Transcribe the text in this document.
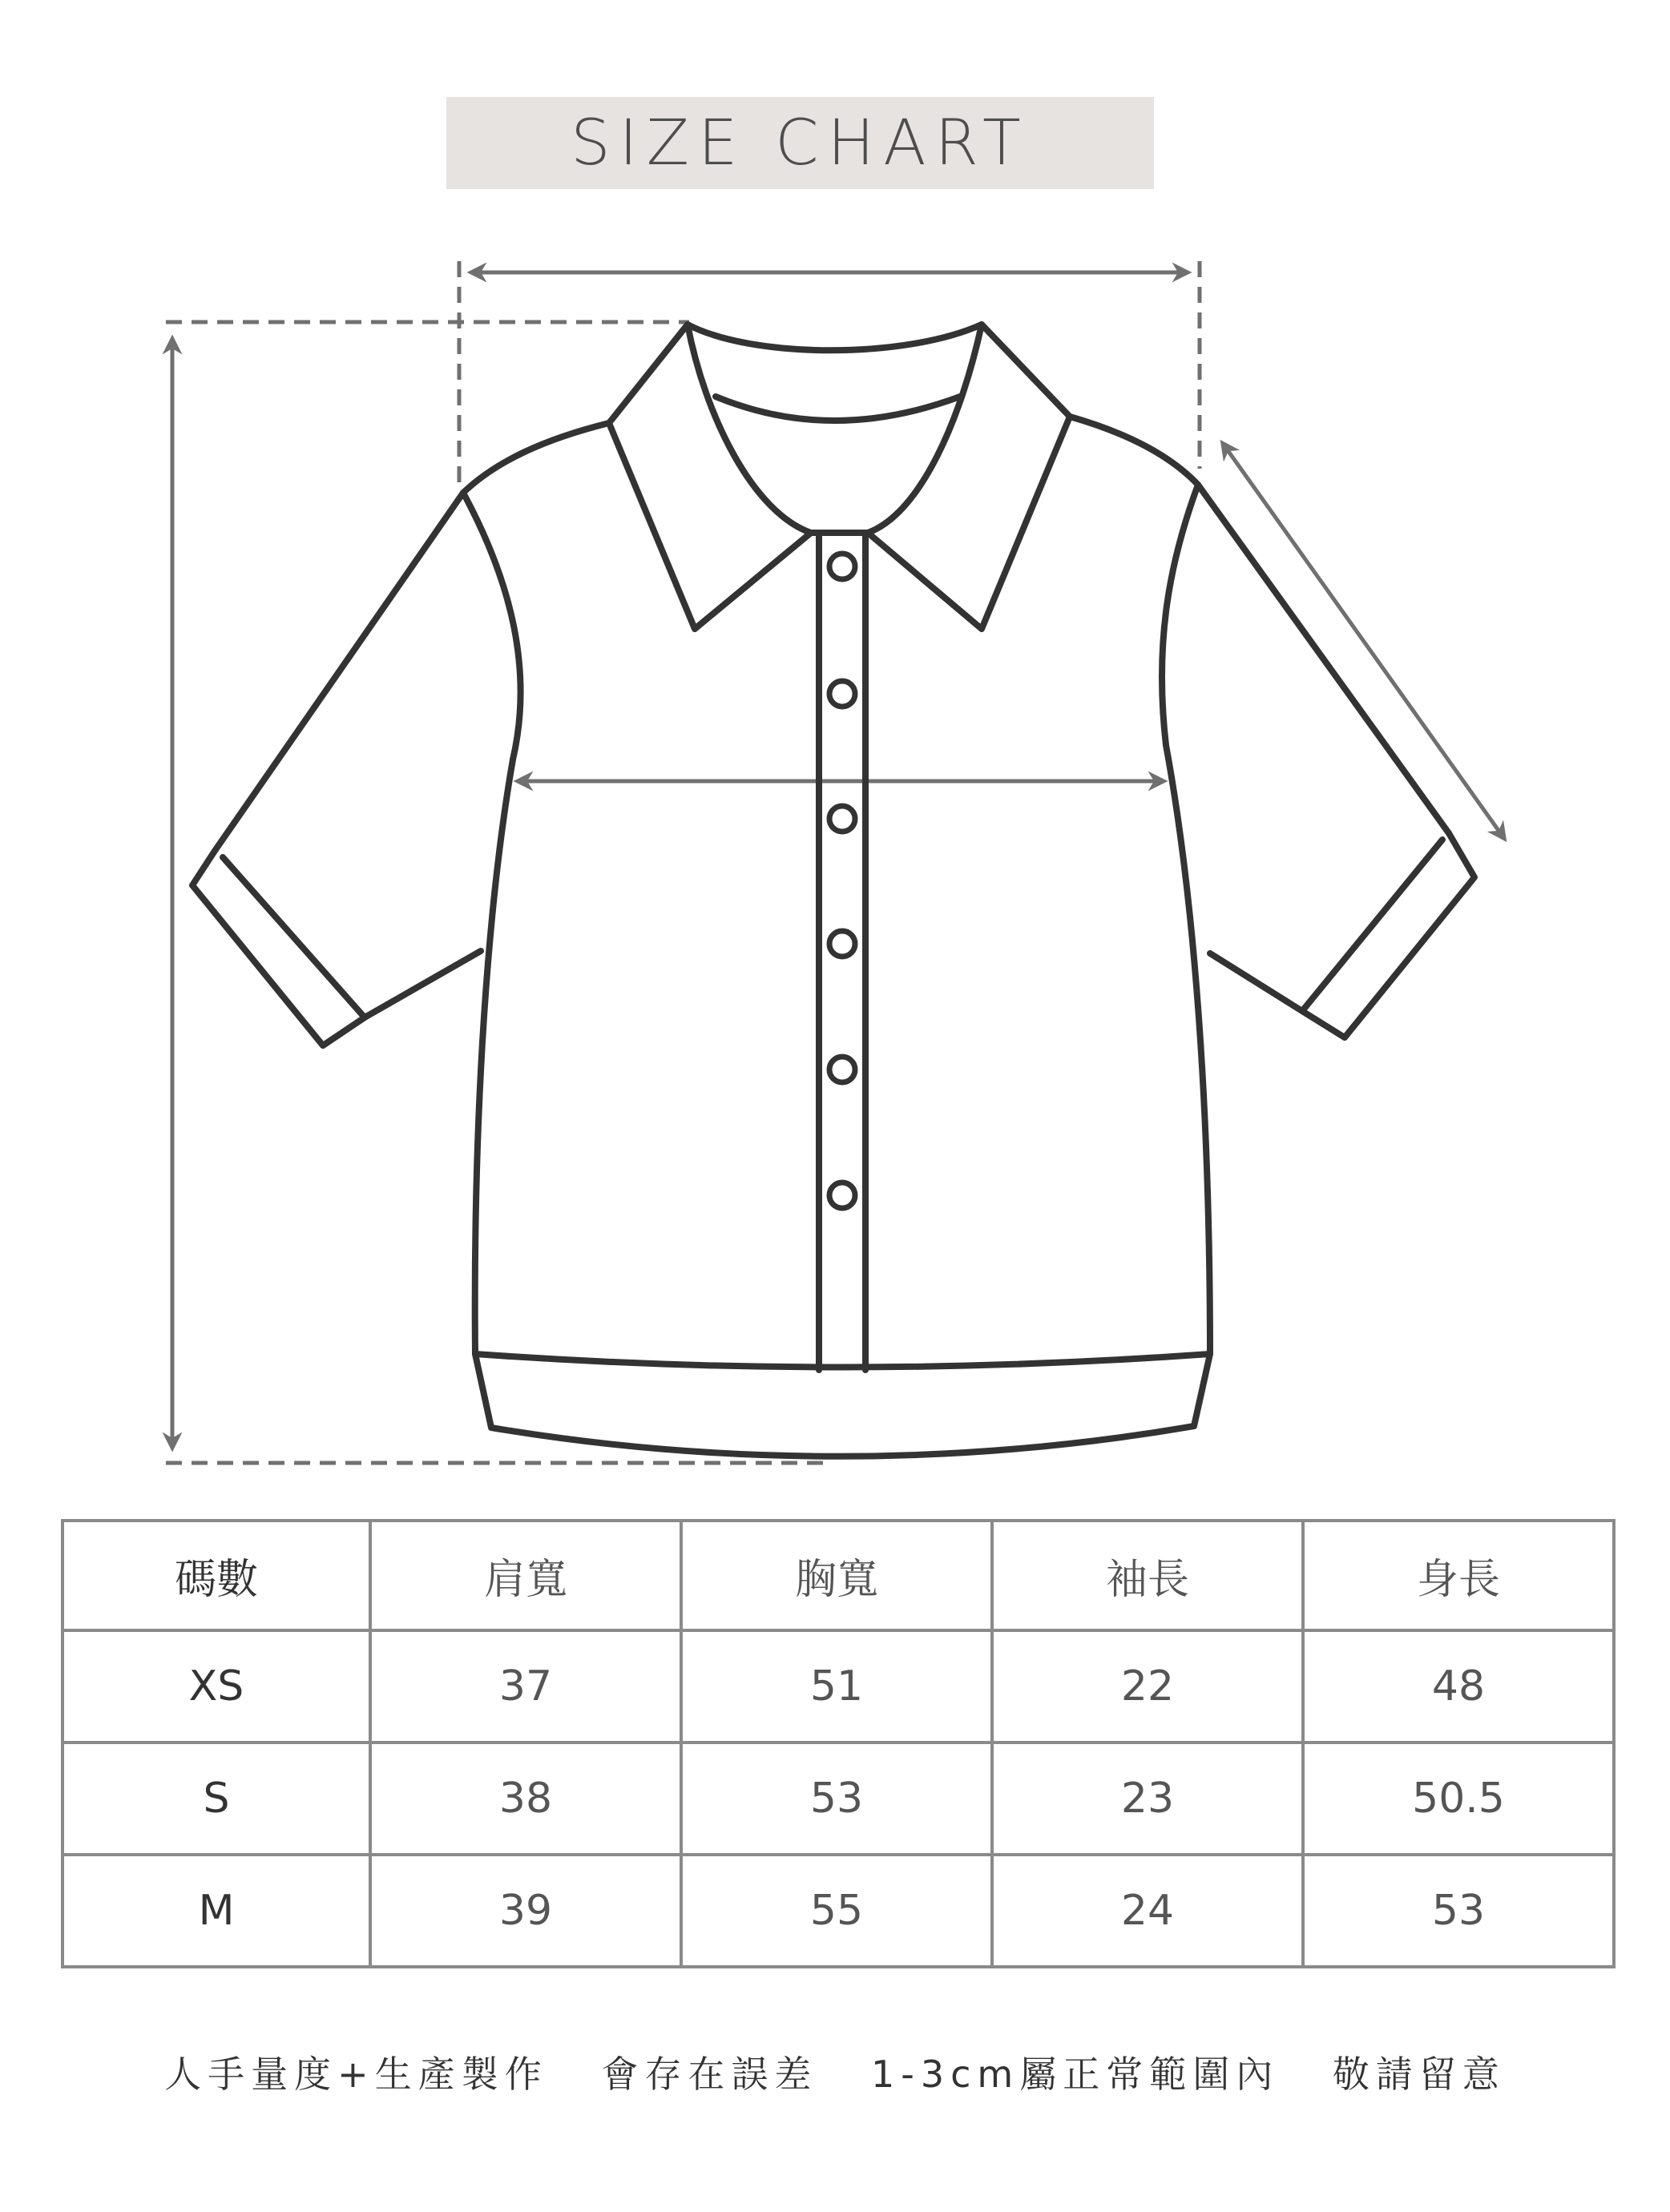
SIZE CHART
碼數	肩寬	胸寬	袖長	身長
XS	37	51	22	48
S	38	53	23	50.5
M	39	55	24	53
人手量度+生產製作 會存在誤差 1-3cm屬正常範圍內 敬請留意
